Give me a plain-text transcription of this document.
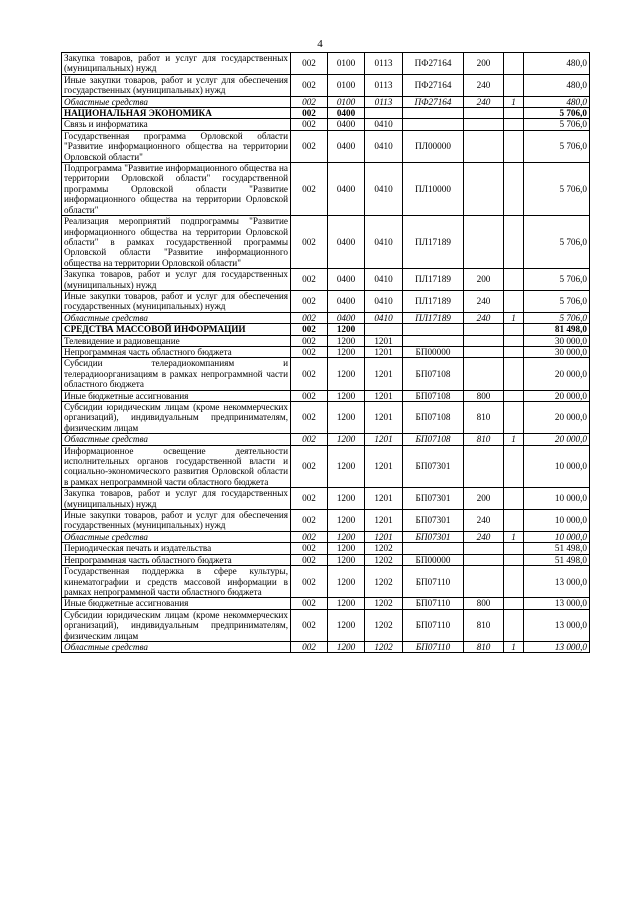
4
Закупка товаров, работ и услуг для государственных (муниципальных) нужд	002	0100	0113	ПФ27164	200		480,0
Иные закупки товаров, работ и услуг для обеспечения государственных (муниципальных) нужд	002	0100	0113	ПФ27164	240		480,0
Областные средства	002	0100	0113	ПФ27164	240	1	480,0
НАЦИОНАЛЬНАЯ ЭКОНОМИКА	002	0400					5 706,0
Связь и информатика	002	0400	0410				5 706,0
Государственная программа Орловской области "Развитие информационного общества на территории Орловской области"	002	0400	0410	ПЛ00000			5 706,0
Подпрограмма "Развитие информационного общества на территории Орловской области" государственной программы Орловской области "Развитие информационного общества на территории Орловской области"	002	0400	0410	ПЛ10000			5 706,0
Реализация мероприятий подпрограммы "Развитие информационного общества на территории Орловской области" в рамках государственной программы Орловской области "Развитие информационного общества на территории Орловской области"	002	0400	0410	ПЛ17189			5 706,0
Закупка товаров, работ и услуг для государственных (муниципальных) нужд	002	0400	0410	ПЛ17189	200		5 706,0
Иные закупки товаров, работ и услуг для обеспечения государственных (муниципальных) нужд	002	0400	0410	ПЛ17189	240		5 706,0
Областные средства	002	0400	0410	ПЛ17189	240	1	5 706,0
СРЕДСТВА МАССОВОЙ ИНФОРМАЦИИ	002	1200					81 498,0
Телевидение и радиовещание	002	1200	1201				30 000,0
Непрограммная часть областного бюджета	002	1200	1201	БП00000			30 000,0
Субсидии телерадиокомпаниям и телерадиоорганизациям в рамках непрограммной части областного бюджета	002	1200	1201	БП07108			20 000,0
Иные бюджетные ассигнования	002	1200	1201	БП07108	800		20 000,0
Субсидии юридическим лицам (кроме некоммерческих организаций), индивидуальным предпринимателям, физическим лицам	002	1200	1201	БП07108	810		20 000,0
Областные средства	002	1200	1201	БП07108	810	1	20 000,0
Информационное освещение деятельности исполнительных органов государственной власти и социально-экономического развития Орловской области в рамках непрограммной части областного бюджета	002	1200	1201	БП07301			10 000,0
Закупка товаров, работ и услуг для государственных (муниципальных) нужд	002	1200	1201	БП07301	200		10 000,0
Иные закупки товаров, работ и услуг для обеспечения государственных (муниципальных) нужд	002	1200	1201	БП07301	240		10 000,0
Областные средства	002	1200	1201	БП07301	240	1	10 000,0
Периодическая печать и издательства	002	1200	1202				51 498,0
Непрограммная часть областного бюджета	002	1200	1202	БП00000			51 498,0
Государственная поддержка в сфере культуры, кинематографии и средств массовой информации в рамках непрограммной части областного бюджета	002	1200	1202	БП07110			13 000,0
Иные бюджетные ассигнования	002	1200	1202	БП07110	800		13 000,0
Субсидии юридическим лицам (кроме некоммерческих организаций), индивидуальным предпринимателям, физическим лицам	002	1200	1202	БП07110	810		13 000,0
Областные средства	002	1200	1202	БП07110	810	1	13 000,0
